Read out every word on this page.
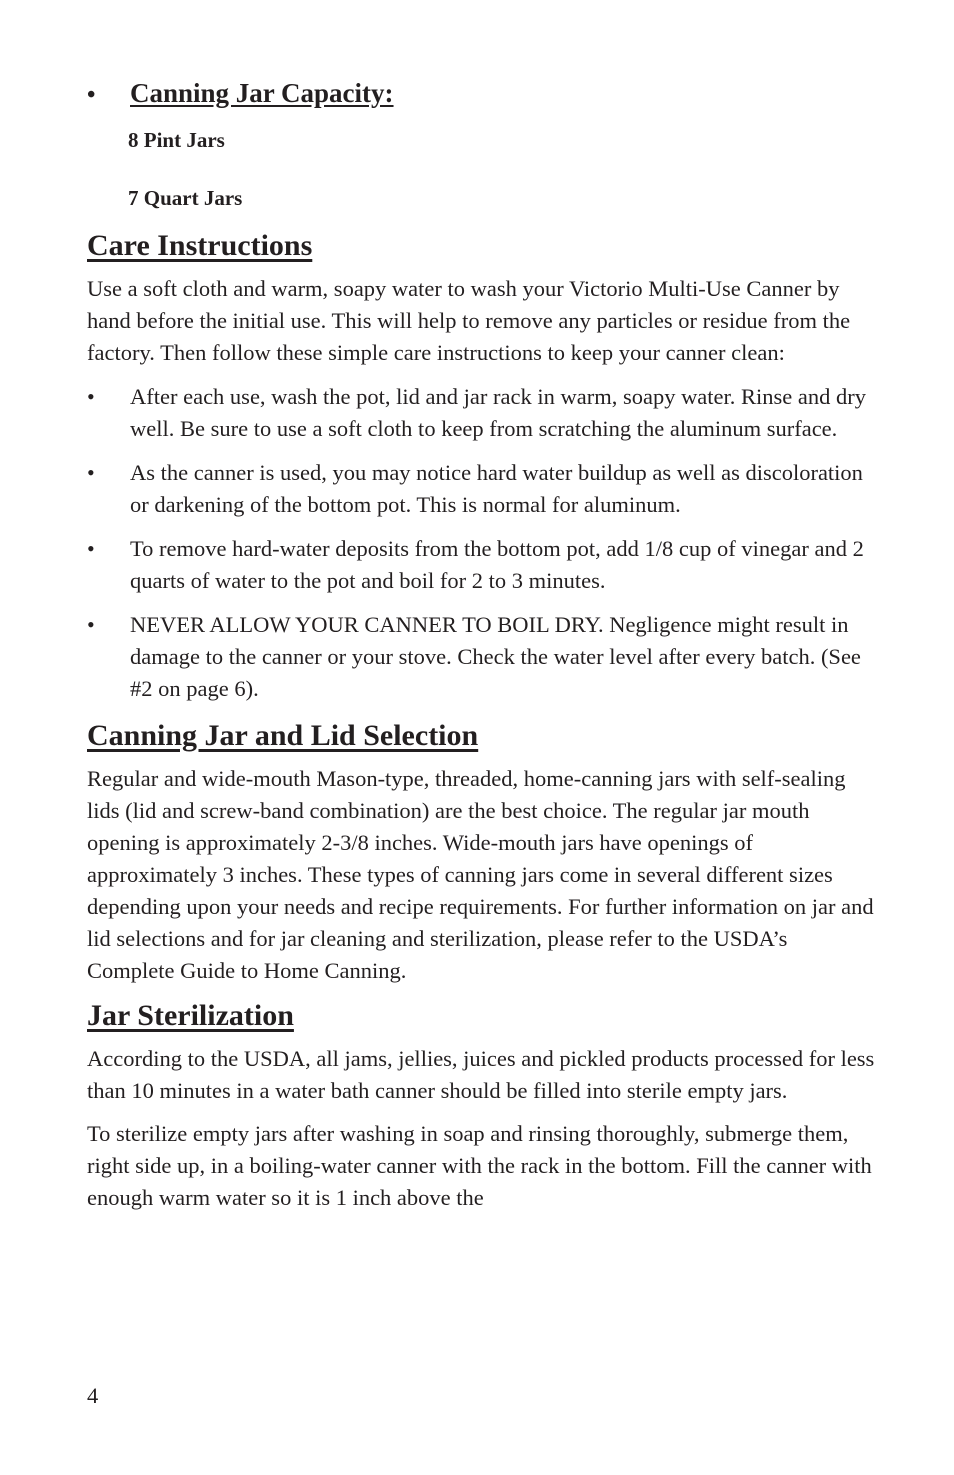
•	Canning Jar Capacity:

8 Pint Jars

7 Quart Jars

Care Instructions

Use a soft cloth and warm, soapy water to wash your Victorio Multi-Use Canner by hand before the initial use. This will help to remove any particles or residue from the factory. Then follow these simple care instructions to keep your canner clean:

•	After each use, wash the pot, lid and jar rack in warm, soapy water. Rinse and dry well. Be sure to use a soft cloth to keep from scratching the aluminum surface.

•	As the canner is used, you may notice hard water buildup as well as discoloration or darkening of the bottom pot. This is normal for aluminum.

•	To remove hard-water deposits from the bottom pot, add 1/8 cup of vinegar and 2 quarts of water to the pot and boil for 2 to 3 minutes.

•	NEVER ALLOW YOUR CANNER TO BOIL DRY. Negligence might result in damage to the canner or your stove. Check the water level after every batch. (See #2 on page 6).

Canning Jar and Lid Selection

Regular and wide-mouth Mason-type, threaded, home-canning jars with self-sealing lids (lid and screw-band combination) are the best choice. The regular jar mouth opening is approximately 2-3/8 inches. Wide-mouth jars have openings of approximately 3 inches. These types of canning jars come in several different sizes depending upon your needs and recipe requirements. For further information on jar and lid selections and for jar cleaning and sterilization, please refer to the USDA’s Complete Guide to Home Canning.

Jar Sterilization

According to the USDA, all jams, jellies, juices and pickled products processed for less than 10 minutes in a water bath canner should be filled into sterile empty jars.

To sterilize empty jars after washing in soap and rinsing thoroughly, submerge them, right side up, in a boiling-water canner with the rack in the bottom. Fill the canner with enough warm water so it is 1 inch above the

4
